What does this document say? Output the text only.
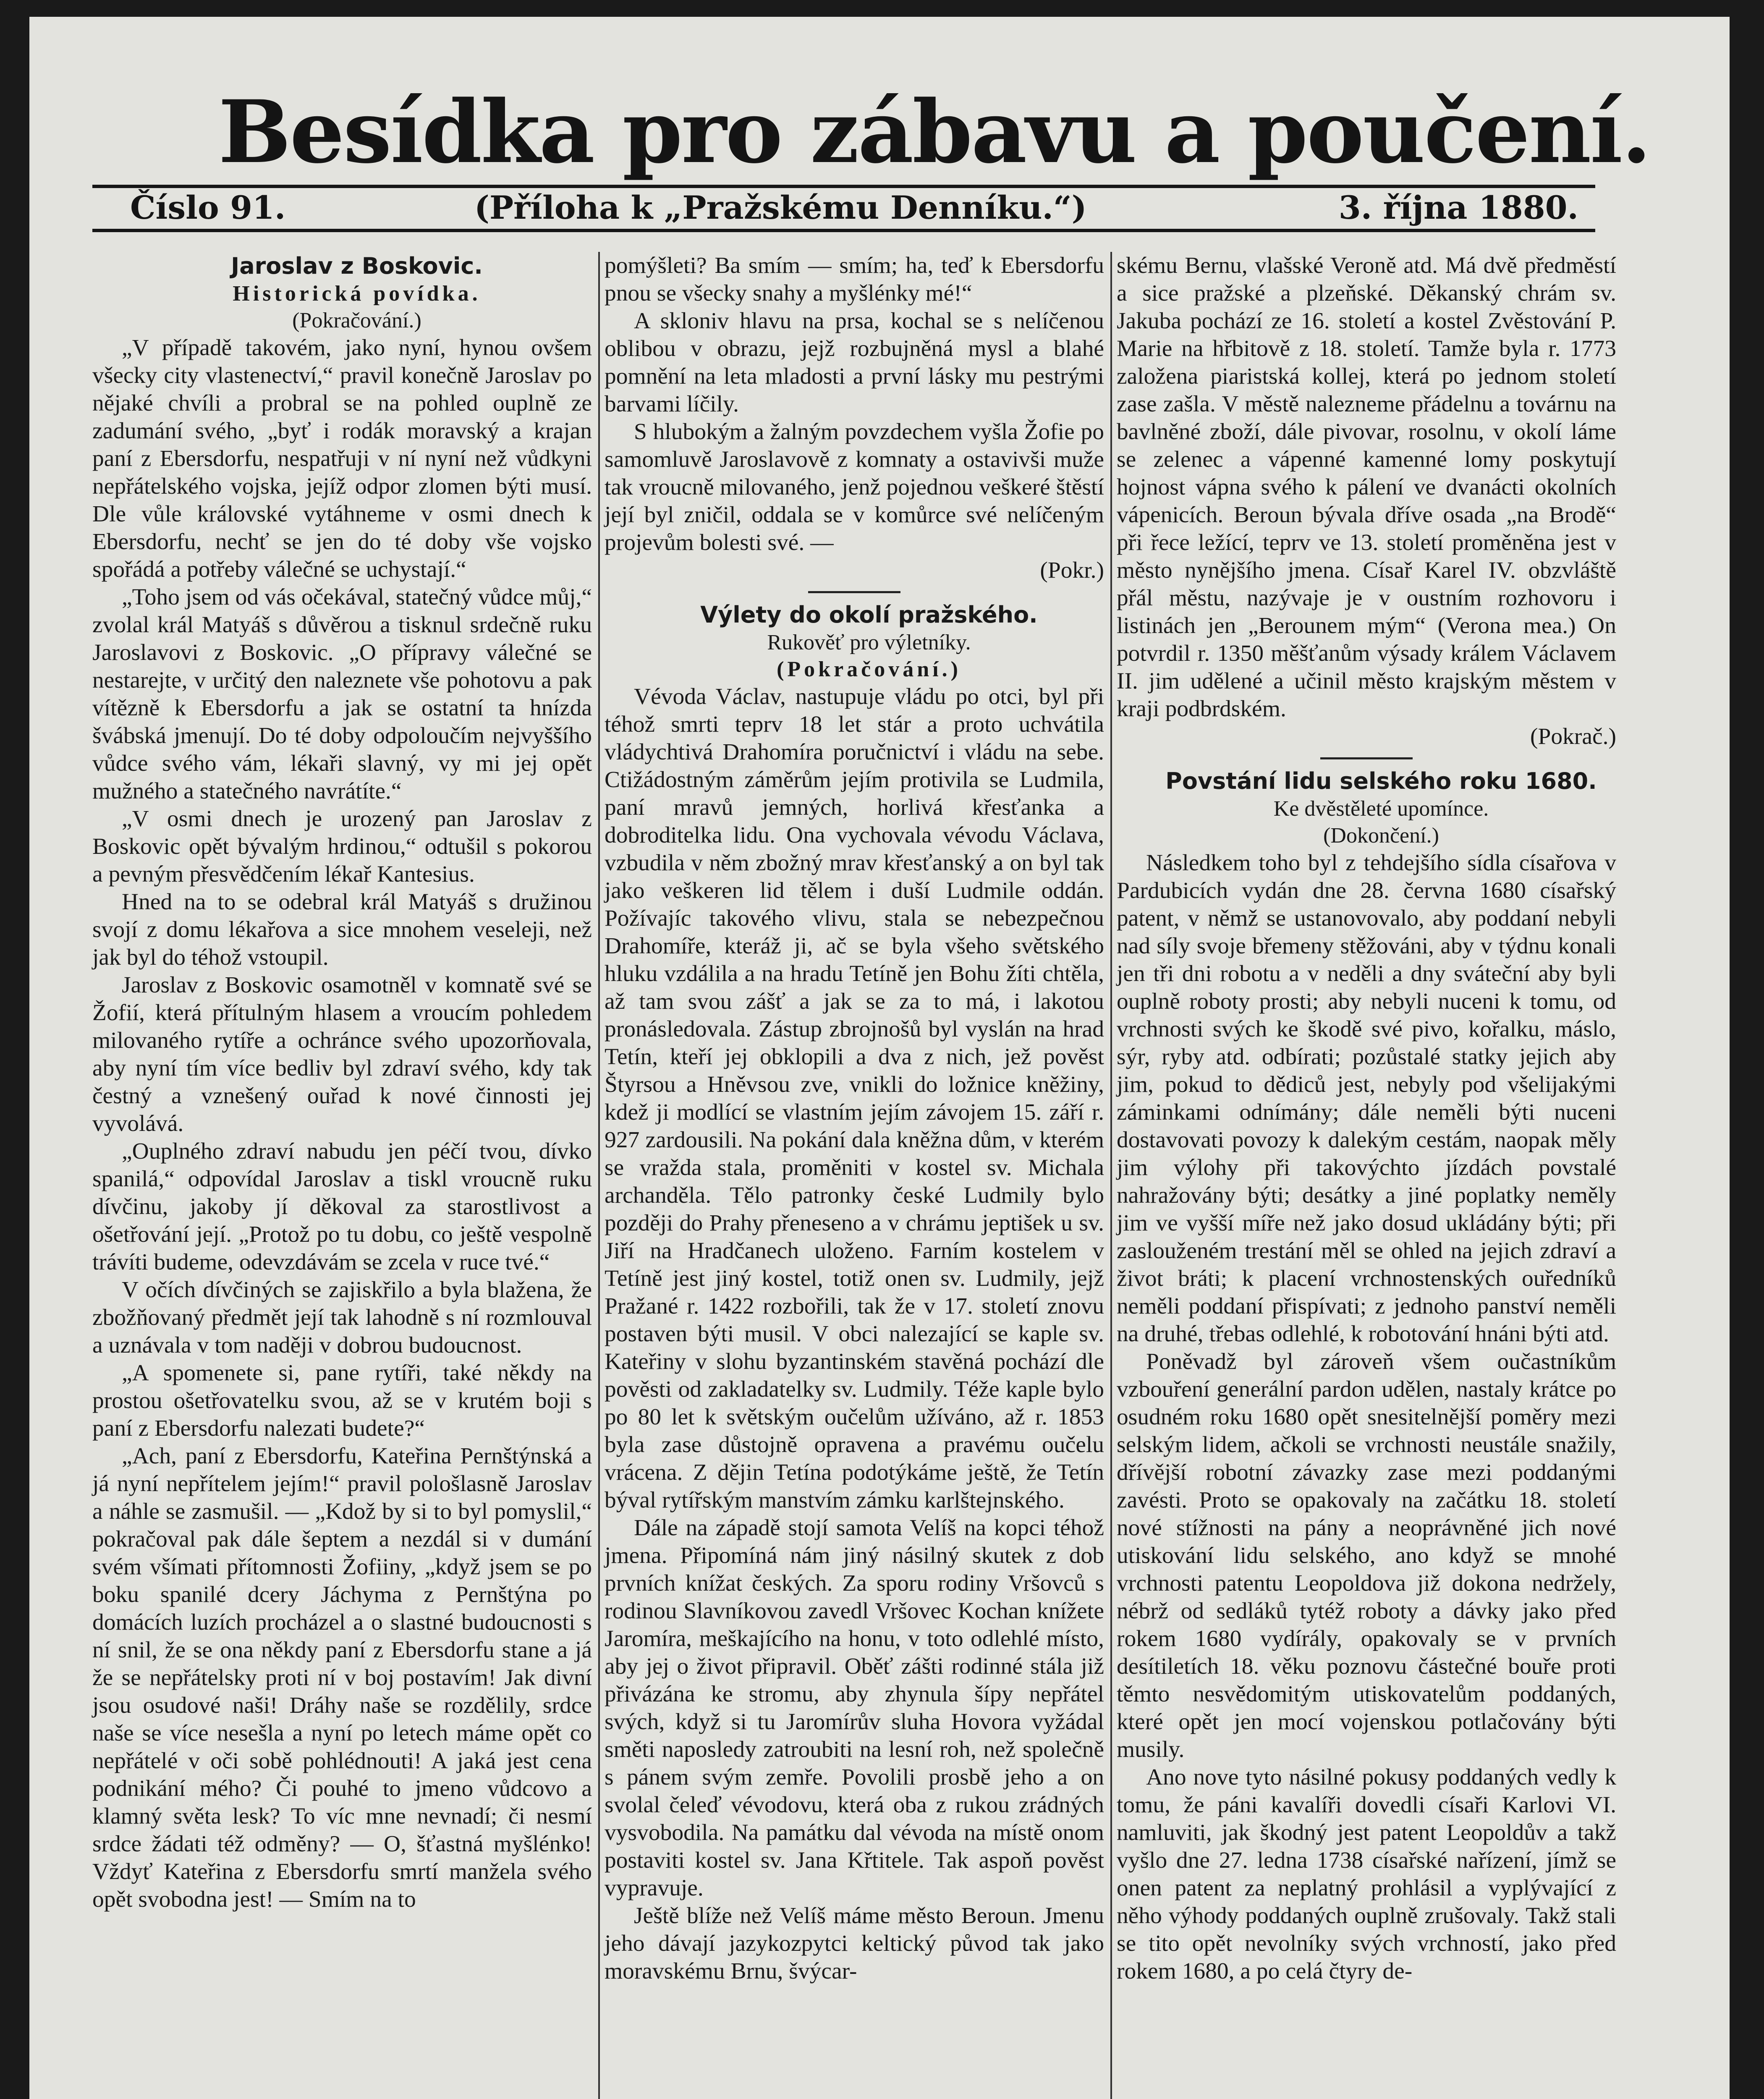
Besídka pro zábavu a poučení.
Číslo 91.	(Příloha k „Pražskému Denníku.“)	3. října 1880.

Jaroslav z Boskovic.

Historická povídka.

(Pokračování.)

„V případě takovém, jako nyní, hynou ovšem všecky city vlastenectví,“ pravil konečně Jaroslav po nějaké chvíli a probral se na pohled ouplně ze zadumání svého, „byť i rodák moravský a krajan paní z Ebersdorfu, nespatřuji v ní nyní než vůdkyni nepřátelského vojska, jejíž odpor zlomen býti musí. Dle vůle královské vytáhneme v osmi dnech k Ebersdorfu, nechť se jen do té doby vše vojsko spořádá a potřeby válečné se uchystají.“

„Toho jsem od vás očekával, statečný vůdce můj,“ zvolal král Matyáš s důvěrou a tisknul srdečně ruku Jaroslavovi z Boskovic. „O přípravy válečné se nestarejte, v určitý den naleznete vše pohotovu a pak vítězně k Ebersdorfu a jak se ostatní ta hnízda švábská jmenují. Do té doby odpoloučím nejvyššího vůdce svého vám, lékaři slavný, vy mi jej opět mužného a statečného navrátíte.“

„V osmi dnech je urozený pan Jaroslav z Boskovic opět bývalým hrdinou,“ odtušil s pokorou a pevným přesvědčením lékař Kantesius.

Hned na to se odebral král Matyáš s družinou svojí z domu lékařova a sice mnohem veseleji, než jak byl do téhož vstoupil.

Jaroslav z Boskovic osamotněl v komnatě své se Žofií, která přítulným hlasem a vroucím pohledem milovaného rytíře a ochránce svého upozorňovala, aby nyní tím více bedliv byl zdraví svého, kdy tak čestný a vznešený ouřad k nové činnosti jej vyvolává.

„Ouplného zdraví nabudu jen péčí tvou, dívko spanilá,“ odpovídal Jaroslav a tiskl vroucně ruku dívčinu, jakoby jí děkoval za starostlivost a ošetřování její. „Protož po tu dobu, co ještě vespolně trávíti budeme, odevzdávám se zcela v ruce tvé.“

V očích dívčiných se zajiskřilo a byla blažena, že zbožňovaný předmět její tak lahodně s ní rozmlouval a uznávala v tom naději v dobrou budoucnost.

„A spomenete si, pane rytíři, také někdy na prostou ošetřovatelku svou, až se v krutém boji s paní z Ebersdorfu nalezati budete?“

„Ach, paní z Ebersdorfu, Kateřina Pernštýnská a já nyní nepřítelem jejím!“ pravil pološlasně Jaroslav a náhle se zasmušil. — „Kdož by si to byl pomyslil,“ pokračoval pak dále šeptem a nezdál si v dumání svém všímati přítomnosti Žofiiny, „když jsem se po boku spanilé dcery Jáchyma z Pernštýna po domácích luzích procházel a o slastné budoucnosti s ní snil, že se ona někdy paní z Ebersdorfu stane a já že se nepřátelsky proti ní v boj postavím! Jak divní jsou osudové naši! Dráhy naše se rozdělily, srdce naše se více nesešla a nyní po letech máme opět co nepřátelé v oči sobě pohlédnouti! A jaká jest cena podnikání mého? Či pouhé to jmeno vůdcovo a klamný světa lesk? To víc mne nevnadí; či nesmí srdce žádati též odměny? — O, šťastná myšlénko! Vždyť Kateřina z Ebersdorfu smrtí manžela svého opět svobodna jest! — Smím na to

pomýšleti? Ba smím — smím; ha, teď k Ebersdorfu pnou se všecky snahy a myšlénky mé!“

A skloniv hlavu na prsa, kochal se s nelíčenou oblibou v obrazu, jejž rozbujněná mysl a blahé pomnění na leta mladosti a první lásky mu pestrými barvami líčily.

S hlubokým a žalným povzdechem vyšla Žofie po samomluvě Jaroslavově z komnaty a ostavivši muže tak vroucně milovaného, jenž pojednou veškeré štěstí její byl zničil, oddala se v komůrce své nelíčeným projevům bolesti své. —

(Pokr.)

Výlety do okolí pražského.

Rukověť pro výletníky.

(Pokračování.)

Vévoda Václav, nastupuje vládu po otci, byl při téhož smrti teprv 18 let stár a proto uchvátila vládychtivá Drahomíra poručnictví i vládu na sebe. Ctižádostným záměrům jejím protivila se Ludmila, paní mravů jemných, horlivá křesťanka a dobroditelka lidu. Ona vychovala vévodu Václava, vzbudila v něm zbožný mrav křesťanský a on byl tak jako veškeren lid tělem i duší Ludmile oddán. Požívajíc takového vlivu, stala se nebezpečnou Drahomíře, kteráž ji, ač se byla všeho světského hluku vzdálila a na hradu Tetíně jen Bohu žíti chtěla, až tam svou zášť a jak se za to má, i lakotou pronásledovala. Zástup zbrojnošů byl vyslán na hrad Tetín, kteří jej obklopili a dva z nich, jež pověst Štyrsou a Hněvsou zve, vnikli do ložnice kněžiny, kdež ji modlící se vlastním jejím závojem 15. září r. 927 zardousili. Na pokání dala kněžna dům, v kterém se vražda stala, proměniti v kostel sv. Michala archanděla. Tělo patronky české Ludmily bylo později do Prahy přeneseno a v chrámu jeptišek u sv. Jiří na Hradčanech uloženo. Farním kostelem v Tetíně jest jiný kostel, totiž onen sv. Ludmily, jejž Pražané r. 1422 rozbořili, tak že v 17. století znovu postaven býti musil. V obci nalezající se kaple sv. Kateřiny v slohu byzantinském stavěná pochází dle pověsti od zakladatelky sv. Ludmily. Téže kaple bylo po 80 let k světským oučelům užíváno, až r. 1853 byla zase důstojně opravena a pravému oučelu vrácena. Z dějin Tetína podotýkáme ještě, že Tetín býval rytířským manstvím zámku karlštejnského.

Dále na západě stojí samota Velíš na kopci téhož jmena. Připomíná nám jiný násilný skutek z dob prvních knížat českých. Za sporu rodiny Vršovců s rodinou Slavníkovou zavedl Vršovec Kochan knížete Jaromíra, meškajícího na honu, v toto odlehlé místo, aby jej o život připravil. Oběť zášti rodinné stála již přivázána ke stromu, aby zhynula šípy nepřátel svých, když si tu Jaromírův sluha Hovora vyžádal směti naposledy zatroubiti na lesní roh, než společně s pánem svým zemře. Povolili prosbě jeho a on svolal čeleď vévodovu, která oba z rukou zrádných vysvobodila. Na památku dal vévoda na místě onom postaviti kostel sv. Jana Křtitele. Tak aspoň pověst vypravuje.

Ještě blíže než Velíš máme město Beroun. Jmenu jeho dávají jazykozpytci keltický původ tak jako moravskému Brnu, švýcar-

skému Bernu, vlašské Veroně atd. Má dvě předměstí a sice pražské a plzeňské. Děkanský chrám sv. Jakuba pochází ze 16. století a kostel Zvěstování P. Marie na hřbitově z 18. století. Tamže byla r. 1773 založena piaristská kollej, která po jednom století zase zašla. V městě nalezneme přádelnu a továrnu na bavlněné zboží, dále pivovar, rosolnu, v okolí láme se zelenec a vápenné kamenné lomy poskytují hojnost vápna svého k pálení ve dvanácti okolních vápenicích. Beroun bývala dříve osada „na Brodě“ při řece ležící, teprv ve 13. století proměněna jest v město nynějšího jmena. Císař Karel IV. obzvláště přál městu, nazývaje je v oustním rozhovoru i listinách jen „Berounem mým“ (Verona mea.) On potvrdil r. 1350 měšťanům výsady králem Václavem II. jim udělené a učinil město krajským městem v kraji podbrdském.

(Pokrač.)

Povstání lidu selského roku 1680.

Ke dvěstěleté upomínce.

(Dokončení.)

Následkem toho byl z tehdejšího sídla císařova v Pardubicích vydán dne 28. června 1680 císařský patent, v němž se ustanovovalo, aby poddaní nebyli nad síly svoje břemeny stěžováni, aby v týdnu konali jen tři dni robotu a v neděli a dny sváteční aby byli ouplně roboty prosti; aby nebyli nuceni k tomu, od vrchnosti svých ke škodě své pivo, kořalku, máslo, sýr, ryby atd. odbírati; pozůstalé statky jejich aby jim, pokud to dědiců jest, nebyly pod všelijakými záminkami odnímány; dále neměli býti nuceni dostavovati povozy k dalekým cestám, naopak měly jim výlohy při takovýchto jízdách povstalé nahražovány býti; desátky a jiné poplatky neměly jim ve vyšší míře než jako dosud ukládány býti; při zaslouženém trestání měl se ohled na jejich zdraví a život bráti; k placení vrchnostenských ouředníků neměli poddaní přispívati; z jednoho panství neměli na druhé, třebas odlehlé, k robotování hnáni býti atd.

Poněvadž byl zároveň všem oučastníkům vzbouření generální pardon udělen, nastaly krátce po osudném roku 1680 opět snesitelnější poměry mezi selským lidem, ačkoli se vrchnosti neustále snažily, dřívější robotní závazky zase mezi poddanými zavésti. Proto se opakovaly na začátku 18. století nové stížnosti na pány a neoprávněné jich nové utiskování lidu selského, ano když se mnohé vrchnosti patentu Leopoldova již dokona nedržely, nébrž od sedláků tytéž roboty a dávky jako před rokem 1680 vydírály, opakovaly se v prvních desítiletích 18. věku poznovu částečné bouře proti těmto nesvědomitým utiskovatelům poddaných, které opět jen mocí vojenskou potlačovány býti musily.

Ano nove tyto násilné pokusy poddaných vedly k tomu, že páni kavalíři dovedli císaři Karlovi VI. namluviti, jak škodný jest patent Leopoldův a takž vyšlo dne 27. ledna 1738 císařské nařízení, jímž se onen patent za neplatný prohlásil a vyplývající z něho výhody poddaných ouplně zrušovaly. Takž stali se tito opět nevolníky svých vrchností, jako před rokem 1680, a po celá čtyry de-
